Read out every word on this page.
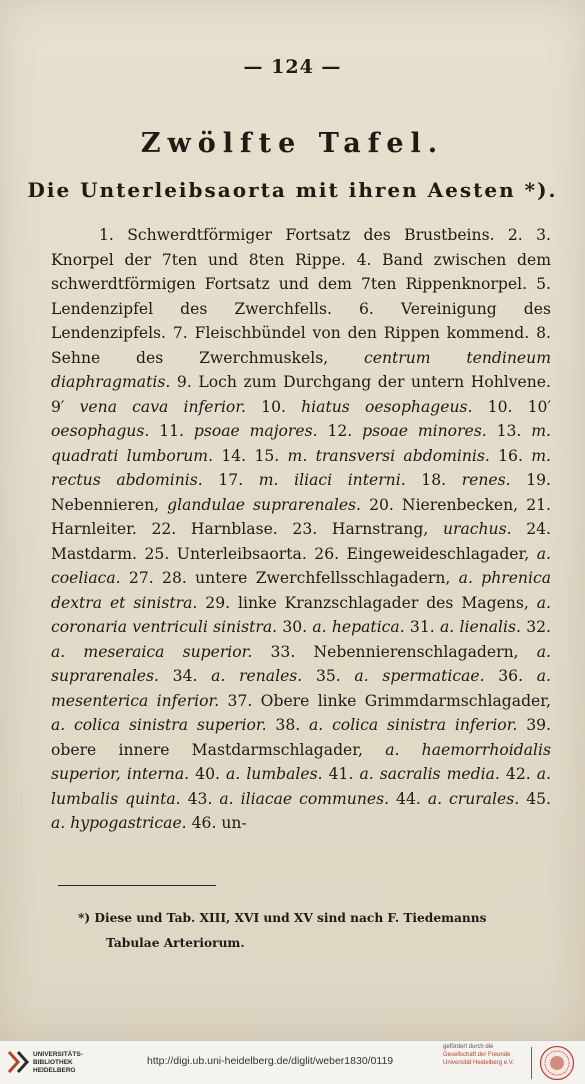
— 124 —
Zwölfte Tafel.
Die Unterleibsaorta mit ihren Aesten *).
1. Schwerdtförmiger Fortsatz des Brustbeins. 2. 3. Knorpel der 7ten und 8ten Rippe. 4. Band zwischen dem schwerdtförmigen Fortsatz und dem 7ten Rippenknorpel. 5. Lendenzipfel des Zwerchfells. 6. Vereinigung des Lendenzipfels. 7. Fleischbündel von den Rippen kommend. 8. Sehne des Zwerchmuskels, centrum tendineum diaphragmatis. 9. Loch zum Durchgang der untern Hohlvene. 9′ vena cava inferior. 10. hiatus oesophageus. 10. 10′ oesophagus. 11. psoae majores. 12. psoae minores. 13. m. quadrati lumborum. 14. 15. m. transversi abdominis. 16. m. rectus abdominis. 17. m. iliaci interni. 18. renes. 19. Nebennieren, glandulae suprarenales. 20. Nierenbecken, 21. Harnleiter. 22. Harnblase. 23. Harnstrang, urachus. 24. Mastdarm. 25. Unterleibsaorta. 26. Eingeweideschlagader, a. coeliaca. 27. 28. untere Zwerchfellsschlagadern, a. phrenica dextra et sinistra. 29. linke Kranzschlagader des Magens, a. coronaria ventriculi sinistra. 30. a. hepatica. 31. a. lienalis. 32. a. meseraica superior. 33. Nebennierenschlagadern, a. suprarenales. 34. a. renales. 35. a. spermaticae. 36. a. mesenterica inferior. 37. Obere linke Grimmdarmschlagader, a. colica sinistra superior. 38. a. colica sinistra inferior. 39. obere innere Mastdarmschlagader, a. haemorrhoidalis superior, interna. 40. a. lumbales. 41. a. sacralis media. 42. a. lumbalis quinta. 43. a. iliacae communes. 44. a. crurales. 45. a. hypogastricae. 46. un-
*) Diese und Tab. XIII, XVI und XV sind nach F. Tiedemanns
Tabulae Arteriorum.
UNIVERSITÄTS-
BIBLIOTHEK
HEIDELBERG
http://digi.ub.uni-heidelberg.de/diglit/weber1830/0119
gefördert durch die
Gesellschaft der Freunde
Universität Heidelberg e.V.
